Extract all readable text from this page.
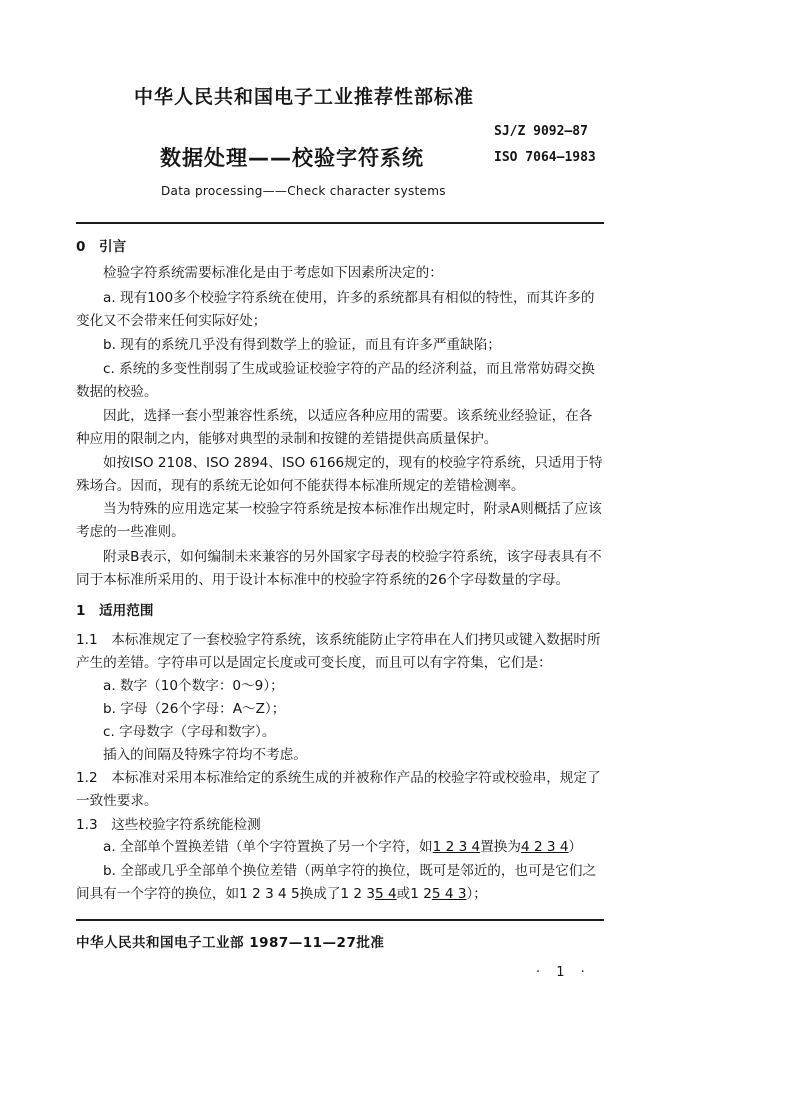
中华人民共和国电子工业推荐性部标准
数据处理——校验字符系统
SJ/Z 9092—87
ISO 7064—1983
Data processing——Check character systems
0　引言
检验字符系统需要标准化是由于考虑如下因素所决定的：
a. 现有100多个校验字符系统在使用，许多的系统都具有相似的特性，而其许多的变化又不会带来任何实际好处；
b. 现有的系统几乎没有得到数学上的验证，而且有许多严重缺陷；
c. 系统的多变性削弱了生成或验证校验字符的产品的经济利益，而且常常妨碍交换数据的校验。
因此，选择一套小型兼容性系统，以适应各种应用的需要。该系统业经验证，在各种应用的限制之内，能够对典型的录制和按键的差错提供高质量保护。
如按ISO 2108、ISO 2894、ISO 6166规定的，现有的校验字符系统，只适用于特殊场合。因而，现有的系统无论如何不能获得本标准所规定的差错检测率。
当为特殊的应用选定某一校验字符系统是按本标准作出规定时，附录A则概括了应该考虑的一些准则。
附录B表示，如何编制未来兼容的另外国家字母表的校验字符系统，该字母表具有不同于本标准所采用的、用于设计本标准中的校验字符系统的26个字母数量的字母。
1　适用范围
1.1　本标准规定了一套校验字符系统，该系统能防止字符串在人们拷贝或键入数据时所产生的差错。字符串可以是固定长度或可变长度，而且可以有字符集，它们是：
a. 数字（10个数字：0～9）；
b. 字母（26个字母：A～Z）；
c. 字母数字（字母和数字）。
插入的间隔及特殊字符均不考虑。
1.2　本标准对采用本标准给定的系统生成的并被称作产品的校验字符或校验串，规定了一致性要求。
1.3　这些校验字符系统能检测
a. 全部单个置换差错（单个字符置换了另一个字符，如1 2 3 4置换为4 2 3 4）
b. 全部或几乎全部单个换位差错（两单字符的换位，既可是邻近的，也可是它们之间具有一个字符的换位，如1 2 3 4 5换成了1 2 35 4或1 25 4 3）；
中华人民共和国电子工业部 1987—11—27批准
· 1 ·
